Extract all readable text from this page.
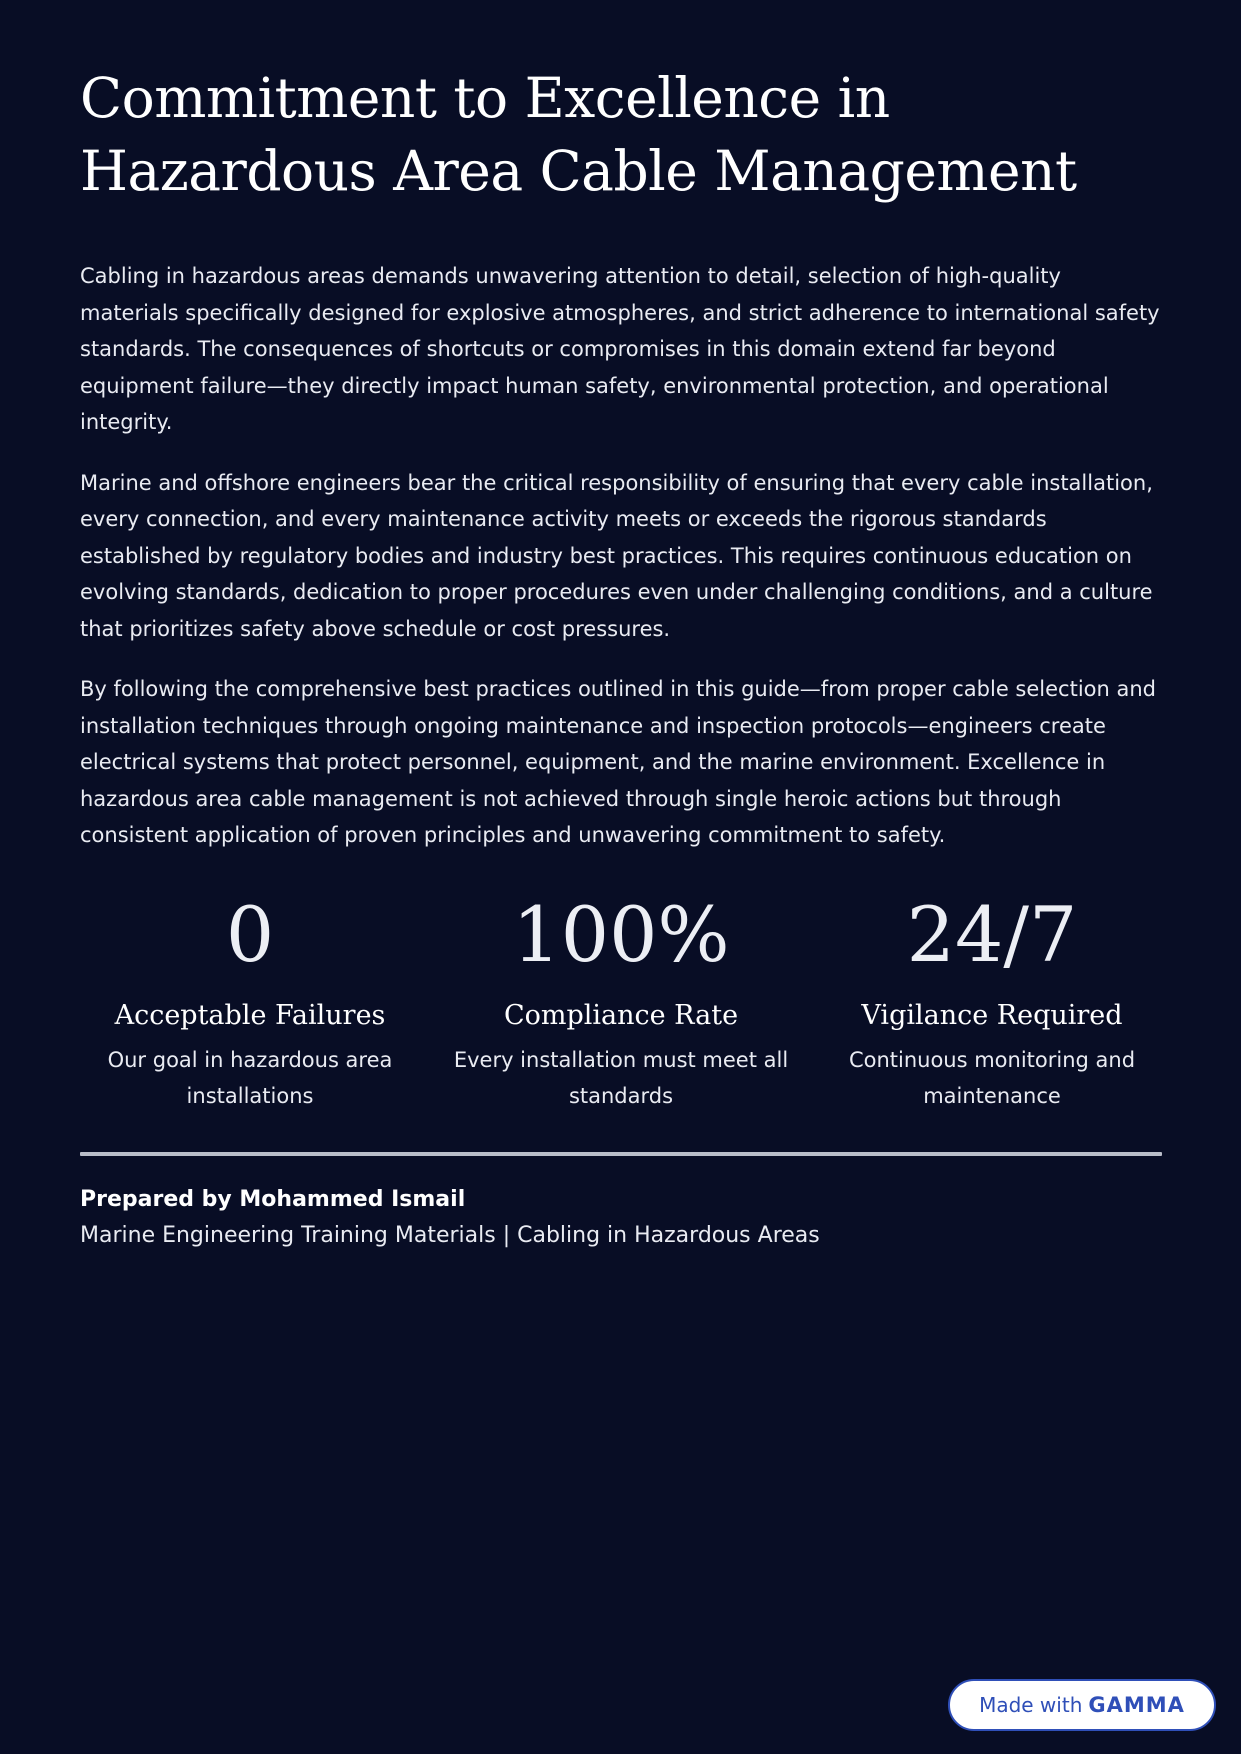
Commitment to Excellence in Hazardous Area Cable Management

Cabling in hazardous areas demands unwavering attention to detail, selection of high-quality materials specifically designed for explosive atmospheres, and strict adherence to international safety standards. The consequences of shortcuts or compromises in this domain extend far beyond equipment failure—they directly impact human safety, environmental protection, and operational integrity.

Marine and offshore engineers bear the critical responsibility of ensuring that every cable installation, every connection, and every maintenance activity meets or exceeds the rigorous standards established by regulatory bodies and industry best practices. This requires continuous education on evolving standards, dedication to proper procedures even under challenging conditions, and a culture that prioritizes safety above schedule or cost pressures.

By following the comprehensive best practices outlined in this guide—from proper cable selection and installation techniques through ongoing maintenance and inspection protocols—engineers create electrical systems that protect personnel, equipment, and the marine environment. Excellence in hazardous area cable management is not achieved through single heroic actions but through consistent application of proven principles and unwavering commitment to safety.

0
Acceptable Failures
Our goal in hazardous area installations
100%
Compliance Rate
Every installation must meet all standards
24/7
Vigilance Required
Continuous monitoring and maintenance
Prepared by Mohammed Ismail
Marine Engineering Training Materials | Cabling in Hazardous Areas
Made with GAMMA
